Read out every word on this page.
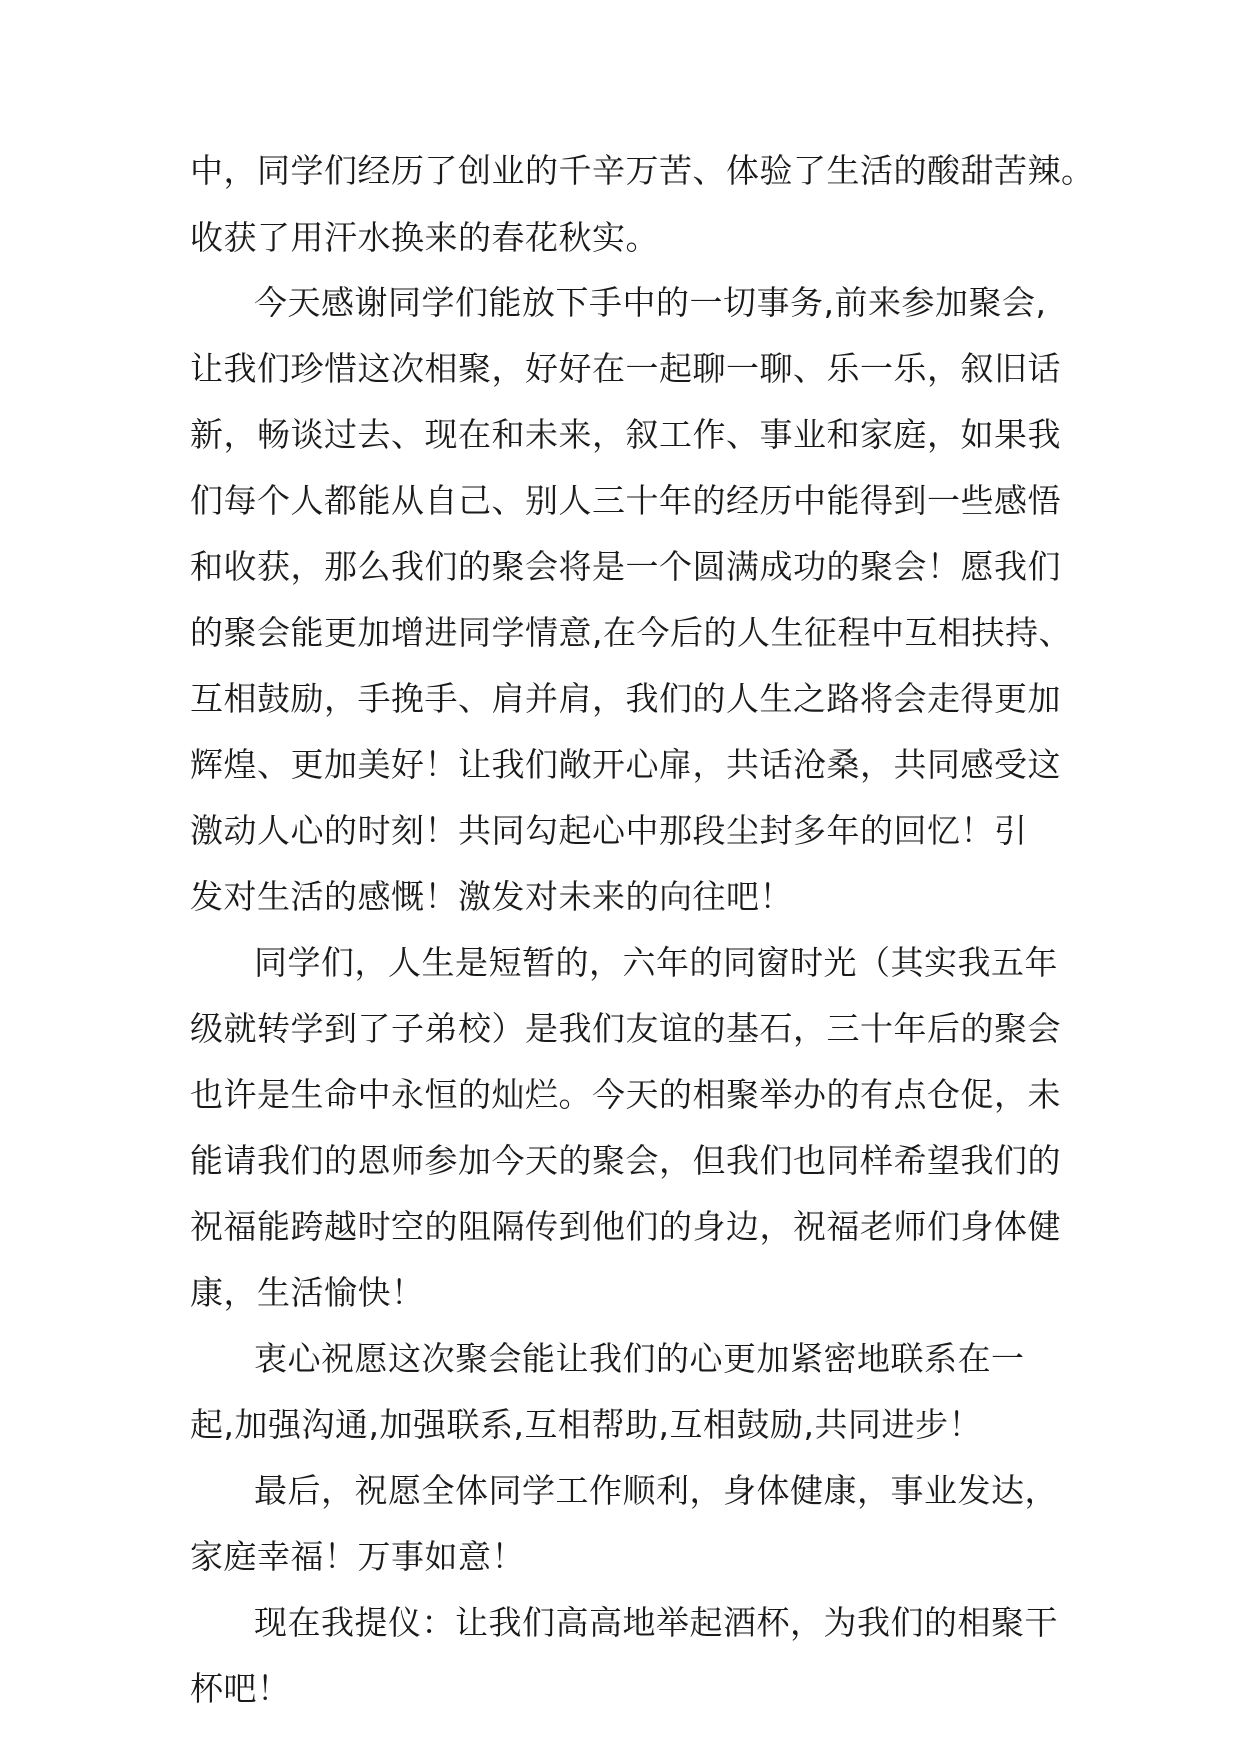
中，同学们经历了创业的千辛万苦、体验了生活的酸甜苦辣。
收获了用汗水换来的春花秋实。
今天感谢同学们能放下手中的一切事务,前来参加聚会,
让我们珍惜这次相聚，好好在一起聊一聊、乐一乐，叙旧话
新，畅谈过去、现在和未来，叙工作、事业和家庭，如果我
们每个人都能从自己、别人三十年的经历中能得到一些感悟
和收获，那么我们的聚会将是一个圆满成功的聚会！愿我们
的聚会能更加增进同学情意,在今后的人生征程中互相扶持、
互相鼓励，手挽手、肩并肩，我们的人生之路将会走得更加
辉煌、更加美好！让我们敞开心扉，共话沧桑，共同感受这
激动人心的时刻！共同勾起心中那段尘封多年的回忆！引
发对生活的感慨！激发对未来的向往吧！
同学们，人生是短暂的，六年的同窗时光（其实我五年
级就转学到了子弟校）是我们友谊的基石，三十年后的聚会
也许是生命中永恒的灿烂。今天的相聚举办的有点仓促，未
能请我们的恩师参加今天的聚会，但我们也同样希望我们的
祝福能跨越时空的阻隔传到他们的身边，祝福老师们身体健
康，生活愉快！
衷心祝愿这次聚会能让我们的心更加紧密地联系在一
起,加强沟通,加强联系,互相帮助,互相鼓励,共同进步！
最后，祝愿全体同学工作顺利，身体健康，事业发达，
家庭幸福！万事如意！
现在我提仪：让我们高高地举起酒杯，为我们的相聚干
杯吧！
